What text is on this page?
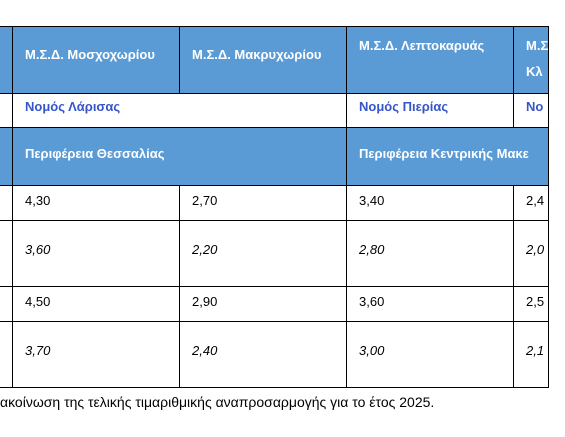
	Μ.Σ.Δ. Μοσχοχωρίου	Μ.Σ.Δ. Μακρυχωρίου	Μ.Σ.Δ. Λεπτοκαρυάς	Μ.Σ.Δ. Κλ
	Νομός Λάρισας		Νομός Πιερίας	Νο
	Περιφέρεια Θεσσαλίας		Περιφέρεια Κεντρικής Μακε	
	4,30	2,70	3,40	2,4
	3,60	2,20	2,80	2,0
	4,50	2,90	3,60	2,5
	3,70	2,40	3,00	2,1
ακοίνωση της τελικής τιμαριθμικής αναπροσαρμογής για το έτος 2025.
